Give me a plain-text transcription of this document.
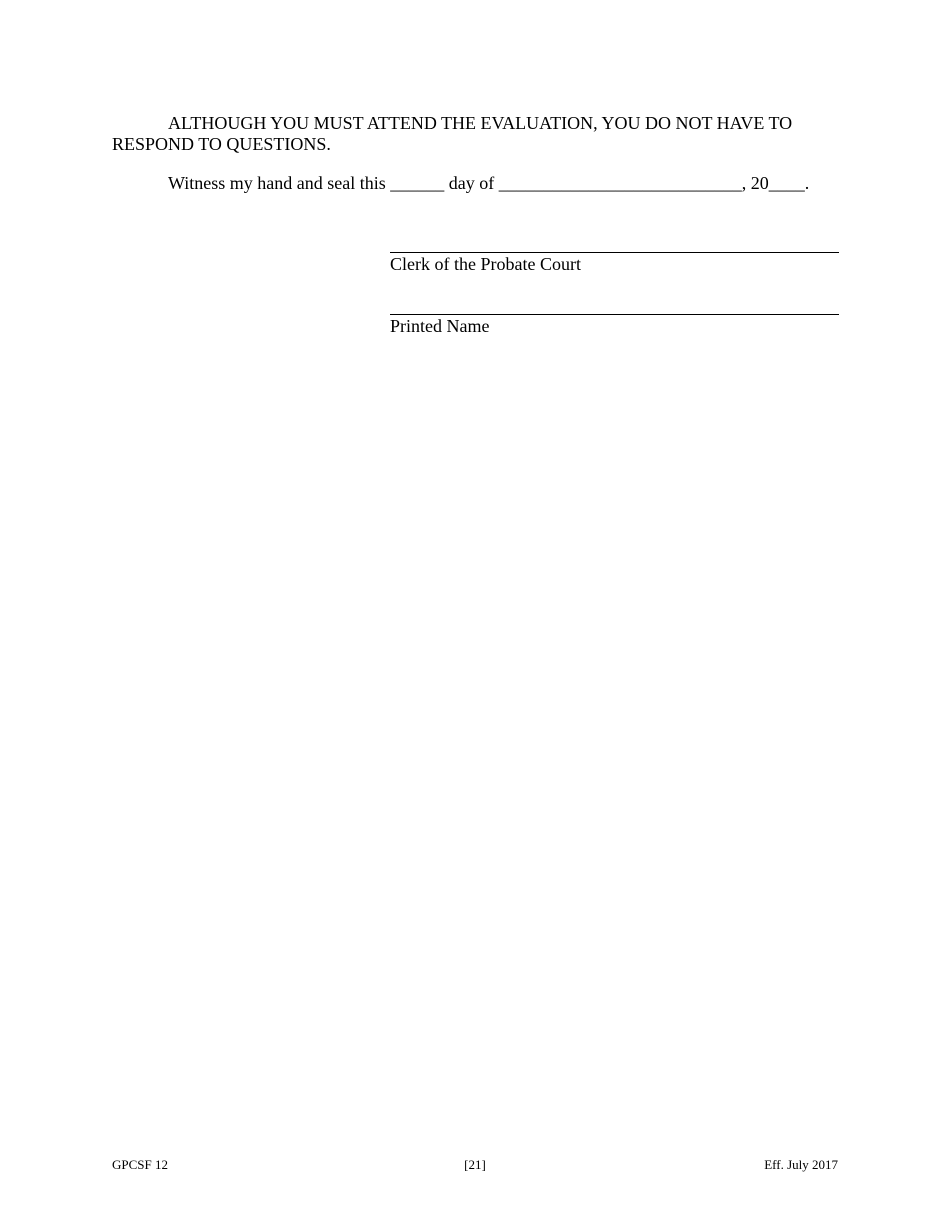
ALTHOUGH YOU MUST ATTEND THE EVALUATION, YOU DO NOT HAVE TO RESPOND TO QUESTIONS.

Witness my hand and seal this ______ day of ___________________________, 20____.

Clerk of the Probate Court
Printed Name
GPCSF 12	[21]	Eff. July 2017
